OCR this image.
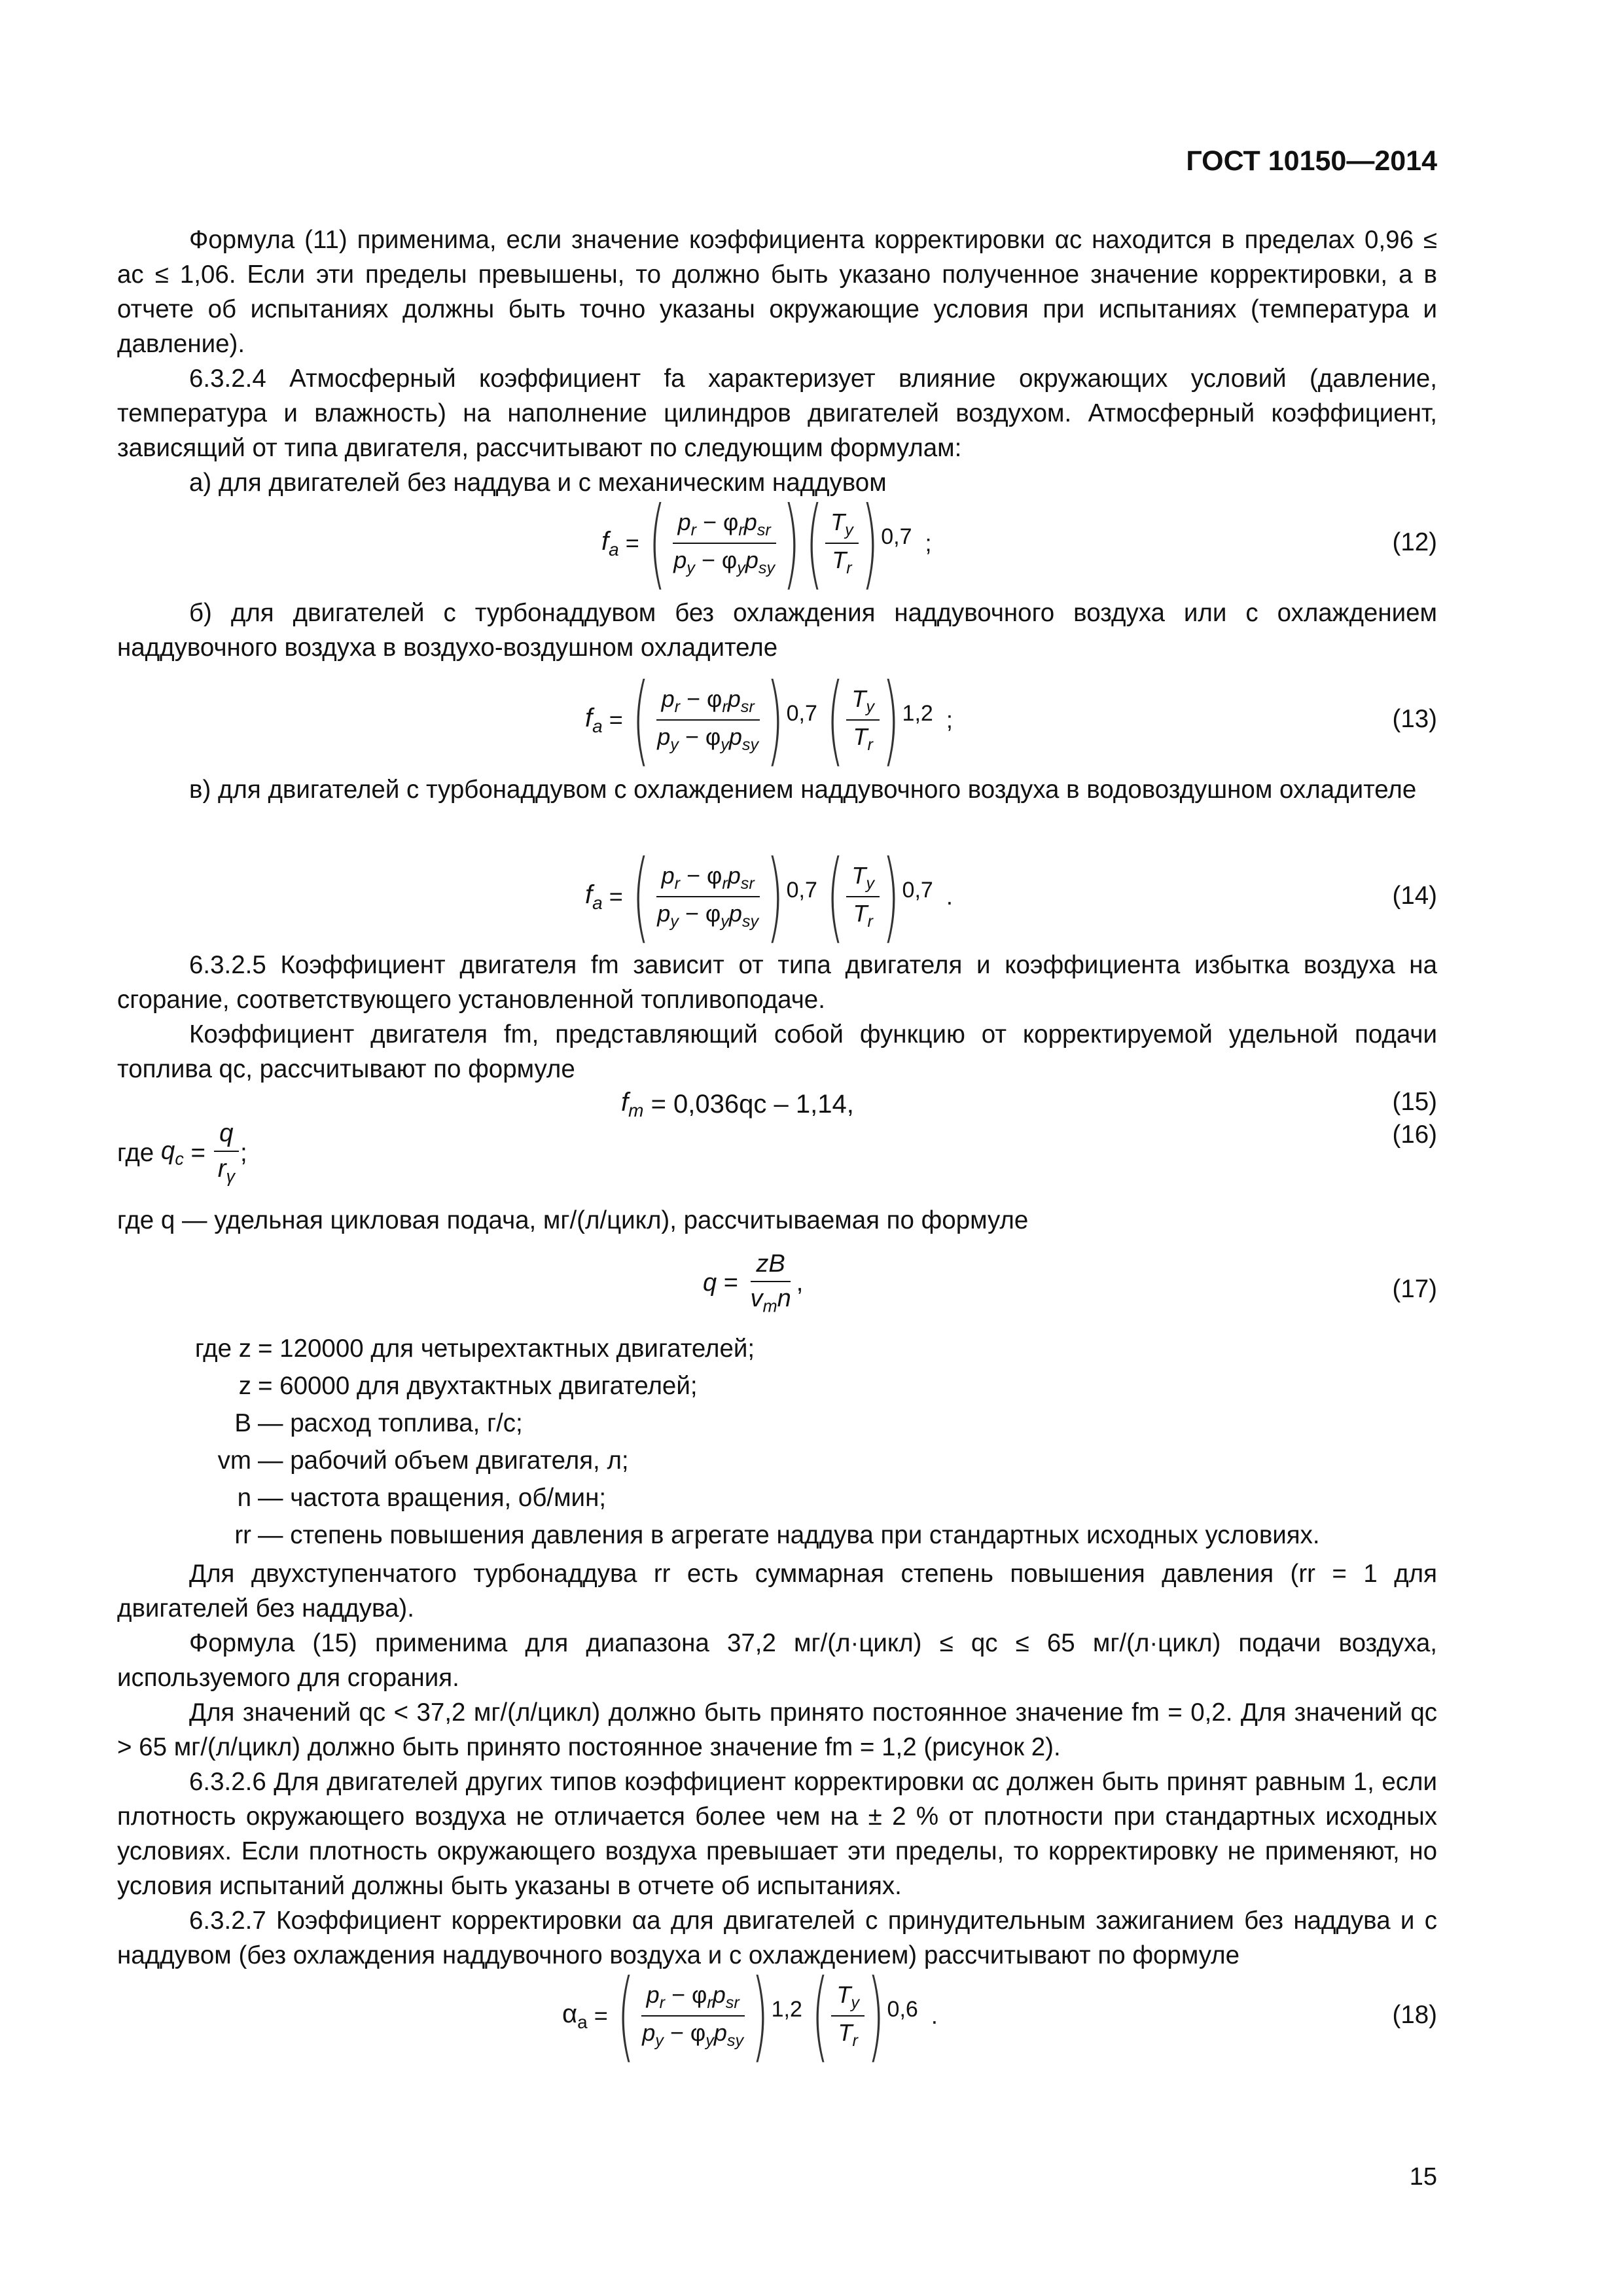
ГОСТ 10150—2014

Формула (11) применима, если значение коэффициента корректировки αc находится в пределах 0,96 ≤ ac ≤ 1,06. Если эти пределы превышены, то должно быть указано полученное значение корректировки, а в отчете об испытаниях должны быть точно указаны окружающие условия при испытаниях (температура и давление).

6.3.2.4 Атмосферный коэффициент fa характеризует влияние окружающих условий (давление, температура и влажность) на наполнение цилиндров двигателей воздухом. Атмосферный коэффициент, зависящий от типа двигателя, рассчитывают по следующим формулам:

а) для двигателей без наддува и с механическим наддувом

$f_a$ = ( $\frac{p_r - \varphi_rp_{sr}}{p_y - \varphi_yp_{sy}}$ ) ( $\frac{T_y}{T_r}$ ) 0,7
;	(12)

б) для двигателей с турбонаддувом без охлаждения наддувочного воздуха или с охлаждением наддувочного воздуха в воздухо-воздушном охладителе

$f_a$ = ( $\frac{p_r - \varphi_rp_{sr}}{p_y - \varphi_yp_{sy}}$ ) 0,7
( $\frac{T_y}{T_r}$ ) 1,2
;	(13)

в) для двигателей с турбонаддувом с охлаждением наддувочного воздуха в водовоздушном охладителе

$f_a$ = ( $\frac{p_r - \varphi_rp_{sr}}{p_y - \varphi_yp_{sy}}$ ) 0,7
( $\frac{T_y}{T_r}$ ) 0,7
.	(14)

6.3.2.5 Коэффициент двигателя fm зависит от типа двигателя и коэффициента избытка воздуха на сгорание, соответствующего установленной топливоподаче.

Коэффициент двигателя fm, представляющий собой функцию от корректируемой удельной подачи топлива qc, рассчитывают по формуле

$f_m$
= 0,036qc – 1,14,	(15)
где
$q_c = \frac{q}{r_\gamma}$ ;
(16)

где q — удельная цикловая подача, мг/(л/цикл), рассчитываемая по формуле

$q = \frac{zB}{v_mn}$ ,	(17)
где z = 120000 для четырехтактных двигателей;
z = 60000 для двухтактных двигателей;
B — расход топлива, г/с;
vm — рабочий объем двигателя, л;
n — частота вращения, об/мин;
rr — степень повышения давления в агрегате наддува при стандартных исходных условиях.

Для двухступенчатого турбонаддува rr есть суммарная степень повышения давления (rr = 1 для двигателей без наддува).

Формула (15) применима для диапазона 37,2 мг/(л·цикл) ≤ qc ≤ 65 мг/(л·цикл) подачи воздуха, используемого для сгорания.

Для значений qc < 37,2 мг/(л/цикл) должно быть принято постоянное значение fm = 0,2. Для значений qc > 65 мг/(л/цикл) должно быть принято постоянное значение fm = 1,2 (рисунок 2).

6.3.2.6 Для двигателей других типов коэффициент корректировки αc должен быть принят равным 1, если плотность окружающего воздуха не отличается более чем на ± 2 % от плотности при стандартных исходных условиях. Если плотность окружающего воздуха превышает эти пределы, то корректировку не применяют, но условия испытаний должны быть указаны в отчете об испытаниях.

6.3.2.7 Коэффициент корректировки αa для двигателей с принудительным зажиганием без наддува и с наддувом (без охлаждения наддувочного воздуха и с охлаждением) рассчитывают по формуле

$\alpha_a$ = ( $\frac{p_r - \varphi_rp_{sr}}{p_y - \varphi_yp_{sy}}$ ) 1,2
( $\frac{T_y}{T_r}$ ) 0,6
.	(18)
15
